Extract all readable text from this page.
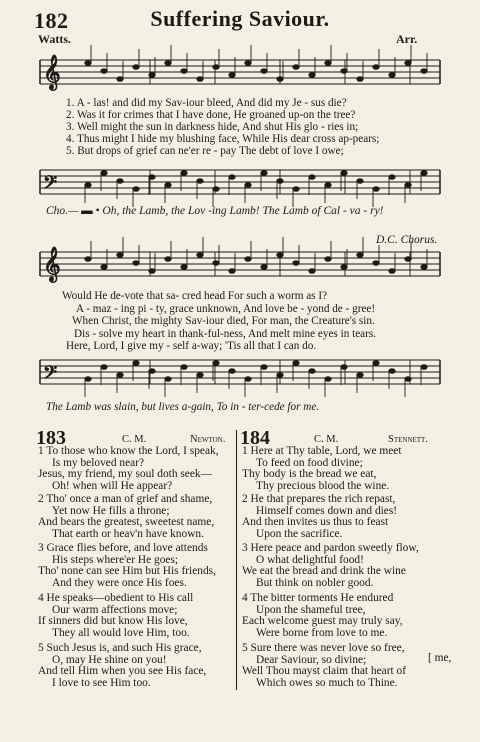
182	Suffering Saviour.
Watts.	Arr.
𝄞
𝄢
𝄞
𝄢
1. A - las! and did my Sav-iour bleed, And did my Je - sus die?
2. Was it for crimes that I have done, He groaned up-on the tree?
3. Well might the sun in darkness hide, And shut His glo - ries in;
4. Thus might I hide my blushing face, While His dear cross ap-pears;
5. But drops of grief can ne'er re - pay The debt of love I owe;
Cho.— ▬ • Oh, the Lamb, the Lov -ing Lamb! The Lamb of Cal - va - ry!
D.C. Chorus.
Would He de-vote that sa- cred head For such a worm as I?
A - maz - ing pi - ty, grace unknown, And love be - yond de - gree!
When Christ, the mighty Sav-iour died, For man, the Creature's sin.
Dis - solve my heart in thank-ful-ness, And melt mine eyes in tears.
Here, Lord, I give my - self a-way; 'Tis all that I can do.
The Lamb was slain, but lives a-gain, To in - ter-cede for me.
183	C. M.	Newton. 184	C. M.	Stennett.
[ me,
1 To those who know the Lord, I speak,
Is my beloved near?
Jesus, my friend, my soul doth seek—
Oh! when will He appear?
2 Tho' once a man of grief and shame,
Yet now He fills a throne;
And bears the greatest, sweetest name,
That earth or heav'n have known.
3 Grace flies before, and love attends
His steps where'er He goes;
Tho' none can see Him but His friends,
And they were once His foes.
4 He speaks—obedient to His call
Our warm affections move;
If sinners did but know His love,
They all would love Him, too.
5 Such Jesus is, and such His grace,
O, may He shine on you!
And tell Him when you see His face,
I love to see Him too.
1 Here at Thy table, Lord, we meet
To feed on food divine;
Thy body is the bread we eat,
Thy precious blood the wine.
2 He that prepares the rich repast,
Himself comes down and dies!
And then invites us thus to feast
Upon the sacrifice.
3 Here peace and pardon sweetly flow,
O what delightful food!
We eat the bread and drink the wine
But think on nobler good.
4 The bitter torments He endured
Upon the shameful tree,
Each welcome guest may truly say,
Were borne from love to me.
5 Sure there was never love so free,
Dear Saviour, so divine;
Well Thou mayst claim that heart of
Which owes so much to Thine.
